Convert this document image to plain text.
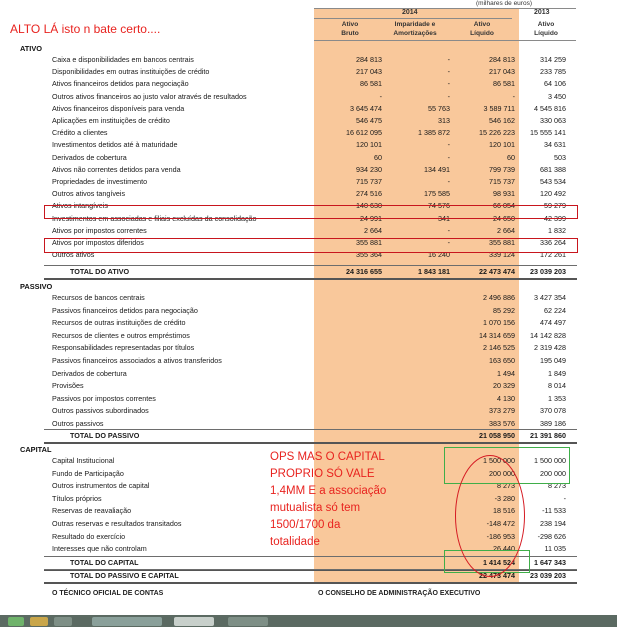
(milhares de euros)
2014	2013
Ativo
Bruto
Imparidade e
Amortizações
Ativo
Líquido
Ativo
Líquido
ATIVO
Caixa e disponibilidades em bancos centrais	284 813	-	284 813	314 259
Disponibilidades em outras instituições de crédito	217 043	-	217 043	233 785
Ativos financeiros detidos para negociação	86 581	-	86 581	64 106
Outros ativos financeiros ao justo valor através de resultados	-	-	-	3 450
Ativos financeiros disponíveis para venda	3 645 474	55 763	3 589 711	4 545 816
Aplicações em instituições de crédito	546 475	313	546 162	330 063
Crédito a clientes	16 612 095	1 385 872	15 226 223	15 555 141
Investimentos detidos até à maturidade	120 101	-	120 101	34 631
Derivados de cobertura	60	-	60	503
Ativos não correntes detidos para venda	934 230	134 491	799 739	681 388
Propriedades de investimento	715 737	-	715 737	543 534
Outros ativos tangíveis	274 516	175 585	98 931	120 492
Ativos intangíveis	140 630	74 576	66 054	59 279
Investimentos em associadas e filiais excluídas da consolidação	24 991	341	24 650	42 399
Ativos por impostos correntes	2 664	-	2 664	1 832
Ativos por impostos diferidos	355 881	-	355 881	336 264
Outros ativos	355 364	16 240	339 124	172 261
TOTAL DO ATIVO	24 316 655	1 843 181	22 473 474	23 039 203
PASSIVO
Recursos de bancos centrais	2 496 886	3 427 354
Passivos financeiros detidos para negociação	85 292	62 224
Recursos de outras instituições de crédito	1 070 156	474 497
Recursos de clientes e outros empréstimos	14 314 659	14 142 828
Responsabilidades representadas por títulos	2 146 525	2 319 428
Passivos financeiros associados a ativos transferidos	163 650	195 049
Derivados de cobertura	1 494	1 849
Provisões	20 329	8 014
Passivos por impostos correntes	4 130	1 353
Outros passivos subordinados	373 279	370 078
Outros passivos	383 576	389 186
TOTAL DO PASSIVO	21 058 950	21 391 860
CAPITAL
Capital Institucional	1 500 000	1 500 000
Fundo de Participação	200 000	200 000
Outros instrumentos de capital	8 273	8 273
Títulos próprios	-3 280	-
Reservas de reavaliação	18 516	-11 533
Outras reservas e resultados transitados	-148 472	238 194
Resultado do exercício	-186 953	-298 626
Interesses que não controlam	26 440	11 035
TOTAL DO CAPITAL	1 414 524	1 647 343
TOTAL DO PASSIVO E CAPITAL	22 473 474	23 039 203
ALTO LÁ isto n bate certo....
OPS MAS O CAPITAL
PROPRIO SÓ VALE
1,4MM E a associação
mutualista só tem
1500/1700 da
totalidade
O TÉCNICO OFICIAL DE CONTAS	O CONSELHO DE ADMINISTRAÇÃO EXECUTIVO
